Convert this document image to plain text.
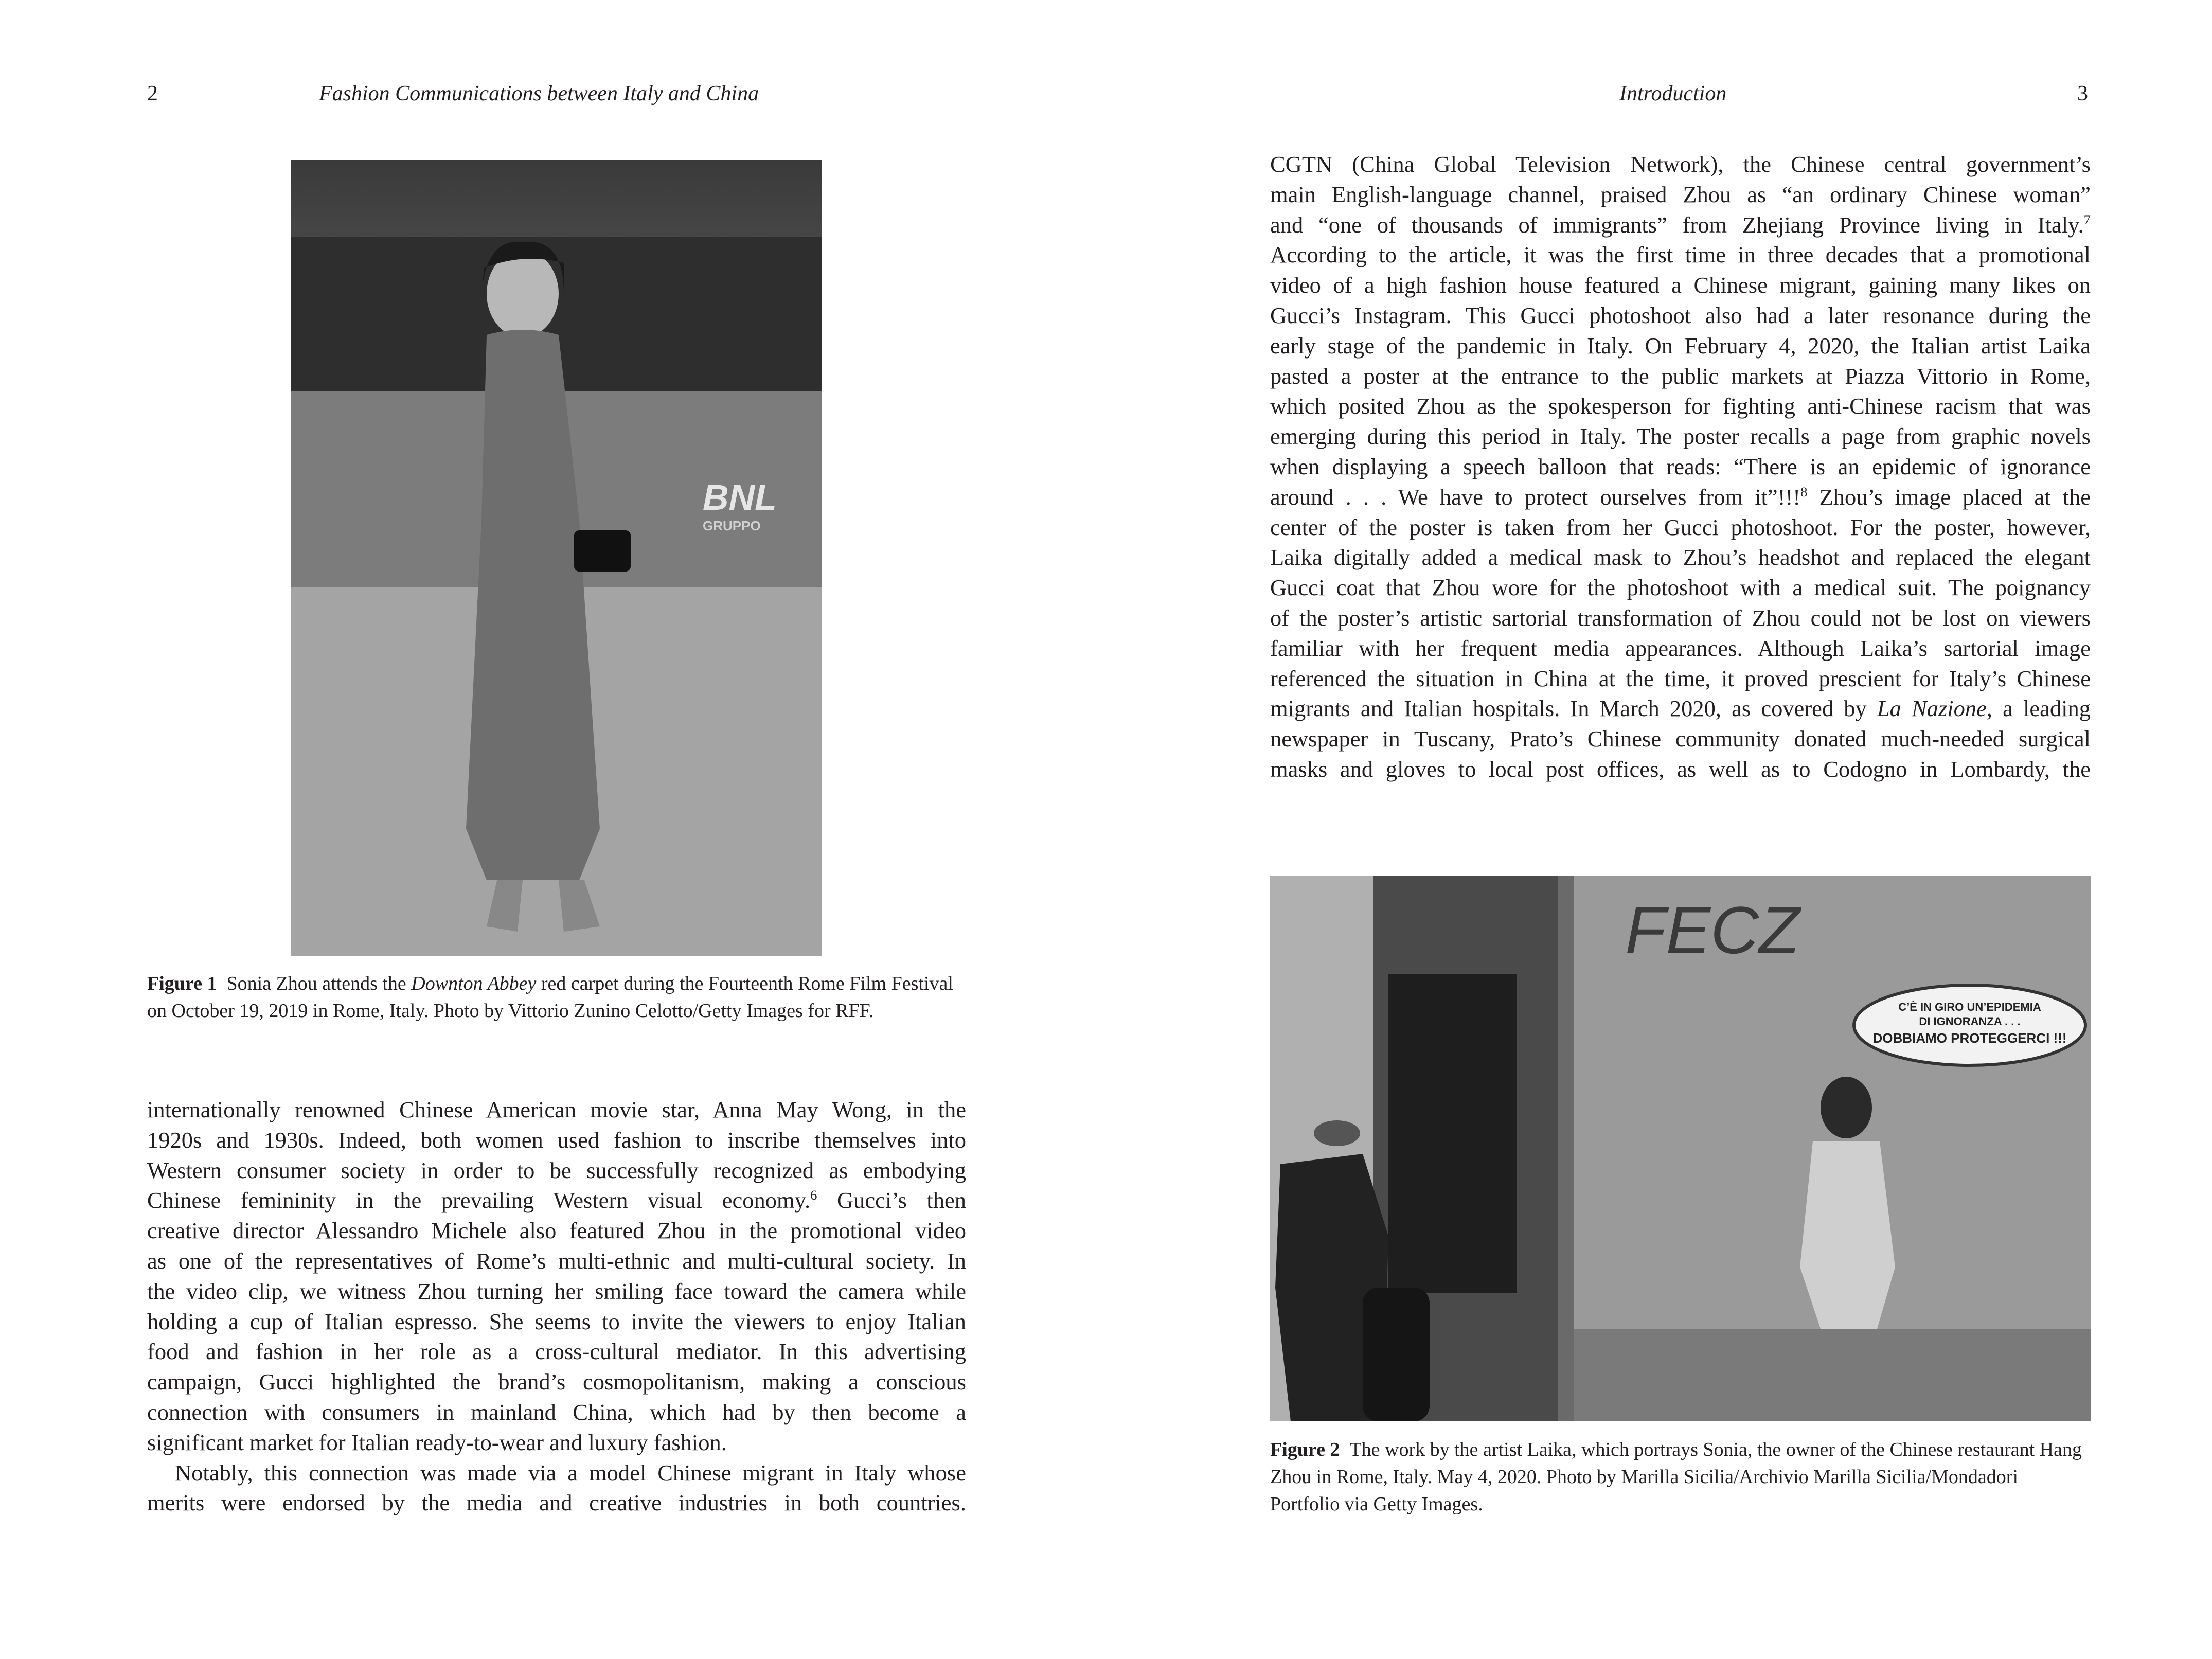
2	Fashion Communications between Italy and China
BNL
GRUPPO
Figure 1 Sonia Zhou attends the Downton Abbey red carpet during the Fourteenth Rome Film Festival on October 19, 2019 in Rome, Italy. Photo by Vittorio Zunino Celotto/Getty Images for RFF.
internationally renowned Chinese American movie star, Anna May Wong, in the
1920s and 1930s. Indeed, both women used fashion to inscribe themselves into
Western consumer society in order to be successfully recognized as embodying
Chinese femininity in the prevailing Western visual economy.$^6$ Gucci’s then
creative director Alessandro Michele also featured Zhou in the promotional video
as one of the representatives of Rome’s multi-ethnic and multi-cultural society. In
the video clip, we witness Zhou turning her smiling face toward the camera while
holding a cup of Italian espresso. She seems to invite the viewers to enjoy Italian
food and fashion in her role as a cross-cultural mediator. In this advertising
campaign, Gucci highlighted the brand’s cosmopolitanism, making a conscious
connection with consumers in mainland China, which had by then become a
significant market for Italian ready-to-wear and luxury fashion.
Notably, this connection was made via a model Chinese migrant in Italy whose
merits were endorsed by the media and creative industries in both countries.
Introduction	3
CGTN (China Global Television Network), the Chinese central government’s
main English-language channel, praised Zhou as “an ordinary Chinese woman”
and “one of thousands of immigrants” from Zhejiang Province living in Italy.$^7$
According to the article, it was the first time in three decades that a promotional
video of a high fashion house featured a Chinese migrant, gaining many likes on
Gucci’s Instagram. This Gucci photoshoot also had a later resonance during the
early stage of the pandemic in Italy. On February 4, 2020, the Italian artist Laika
pasted a poster at the entrance to the public markets at Piazza Vittorio in Rome,
which posited Zhou as the spokesperson for fighting anti-Chinese racism that was
emerging during this period in Italy. The poster recalls a page from graphic novels
when displaying a speech balloon that reads: “There is an epidemic of ignorance
around . . . We have to protect ourselves from it”!!!$^8$ Zhou’s image placed at the
center of the poster is taken from her Gucci photoshoot. For the poster, however,
Laika digitally added a medical mask to Zhou’s headshot and replaced the elegant
Gucci coat that Zhou wore for the photoshoot with a medical suit. The poignancy
of the poster’s artistic sartorial transformation of Zhou could not be lost on viewers
familiar with her frequent media appearances. Although Laika’s sartorial image
referenced the situation in China at the time, it proved prescient for Italy’s Chinese
migrants and Italian hospitals. In March 2020, as covered by La Nazione, a leading
newspaper in Tuscany, Prato’s Chinese community donated much-needed surgical
masks and gloves to local post offices, as well as to Codogno in Lombardy, the
FECZ
C’È IN GIRO UN’EPIDEMIA
DI IGNORANZA . . .
DOBBIAMO PROTEGGERCI !!!
Figure 2 The work by the artist Laika, which portrays Sonia, the owner of the Chinese restaurant Hang Zhou in Rome, Italy. May 4, 2020. Photo by Marilla Sicilia/Archivio Marilla Sicilia/Mondadori Portfolio via Getty Images.
